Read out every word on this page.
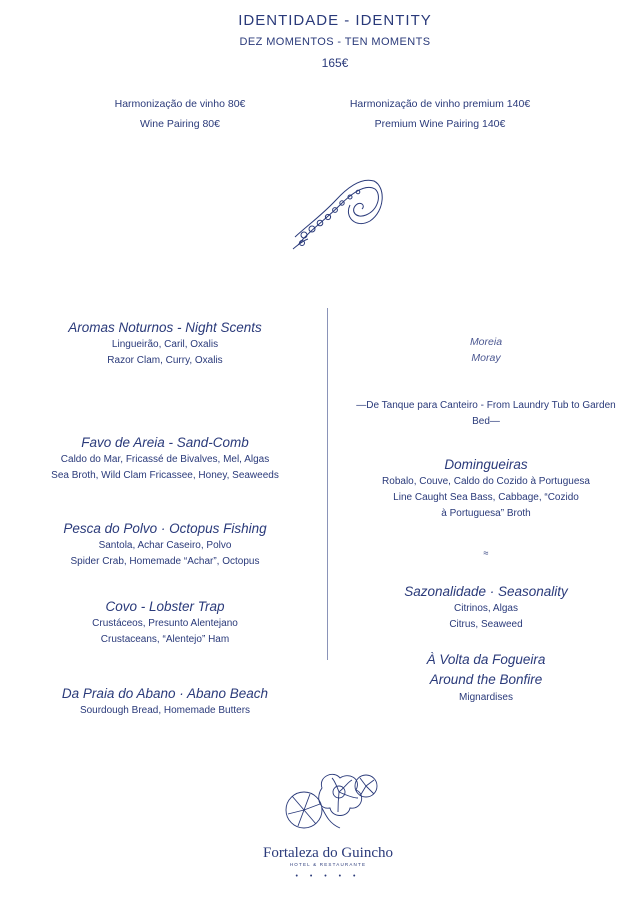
IDENTIDADE - IDENTITY
DEZ MOMENTOS - TEN MOMENTS
165€
Harmonização de vinho 80€
Wine Pairing 80€
Harmonização de vinho premium 140€
Premium Wine Pairing 140€
Aromas Noturnos - Night Scents
Lingueirão, Caril, Oxalis
Razor Clam, Curry, Oxalis
Favo de Areia - Sand-Comb
Caldo do Mar, Fricassé de Bivalves, Mel, Algas
Sea Broth, Wild Clam Fricassee, Honey, Seaweeds
Pesca do Polvo · Octopus Fishing
Santola, Achar Caseiro, Polvo
Spider Crab, Homemade “Achar”, Octopus
Covo - Lobster Trap
Crustáceos, Presunto Alentejano
Crustaceans, “Alentejo” Ham
Da Praia do Abano · Abano Beach
Sourdough Bread, Homemade Butters
Moreia
Moray
—De Tanque para Canteiro - From Laundry Tub to Garden
Bed—
Domingueiras
Robalo, Couve, Caldo do Cozido à Portuguesa
Line Caught Sea Bass, Cabbage, “Cozido
à Portuguesa” Broth
≈
Sazonalidade · Seasonality
Citrinos, Algas
Citrus, Seaweed
À Volta da Fogueira
Around the Bonfire
Mignardises
Fortaleza do Guincho
HOTEL & RESTAURANTE
• • • • •
